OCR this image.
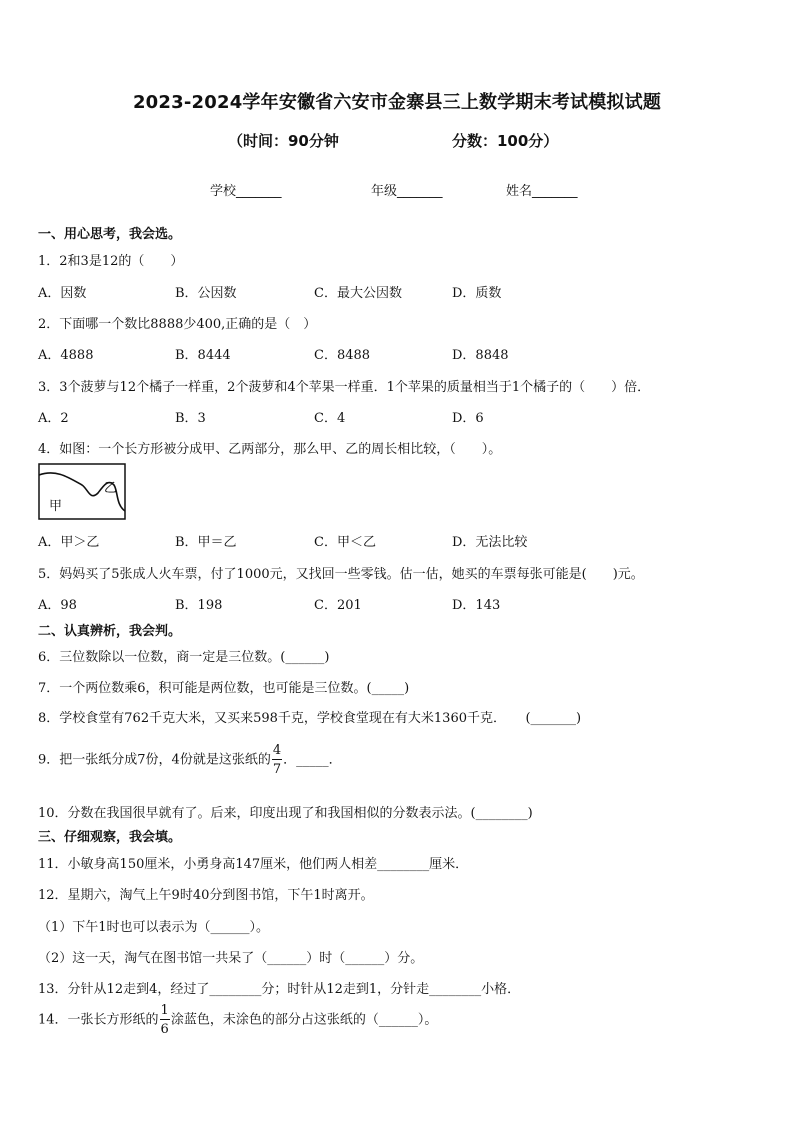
2023-2024学年安徽省六安市金寨县三上数学期末考试模拟试题
（时间：90分钟	分数：100分）
学校_______	年级_______	姓名_______
一、用心思考，我会选。
1．2和3是12的（　　）
A．因数	B．公因数	C．最大公因数	D．质数
2．下面哪一个数比8888少400,正确的是（　）
A．4888	B．8444	C．8488	D．8848
3．3个菠萝与12个橘子一样重，2个菠萝和4个苹果一样重．1个苹果的质量相当于1个橘子的（　　）倍．
A．2	B．3	C．4	D．6
4．如图：一个长方形被分成甲、乙两部分，那么甲、乙的周长相比较，（　　）。
甲
乙
A．甲＞乙	B．甲＝乙	C．甲＜乙	D．无法比较
5．妈妈买了5张成人火车票，付了1000元，又找回一些零钱。估一估，她买的车票每张可能是(　　)元。
A．98	B．198	C．201	D．143
二、认真辨析，我会判。
6．三位数除以一位数，商一定是三位数。(______)
7．一个两位数乘6，积可能是两位数，也可能是三位数。(_____)
8．学校食堂有762千克大米，又买来598千克，学校食堂现在有大米1360千克．　　(_______)
9．把一张纸分成7份，4份就是这张纸的 $\frac{4}{7}$ ．_____．
10．分数在我国很早就有了。后来，印度出现了和我国相似的分数表示法。(________)
三、仔细观察，我会填。
11．小敏身高150厘米，小勇身高147厘米，他们两人相差________厘米．
12．星期六，淘气上午9时40分到图书馆，下午1时离开。
（1）下午1时也可以表示为（______）。
（2）这一天，淘气在图书馆一共呆了（______）时（______）分。
13．分针从12走到4，经过了________分；时针从12走到1，分针走________小格．
14．一张长方形纸的 $\frac{1}{6}$ 涂蓝色，未涂色的部分占这张纸的（______）。
